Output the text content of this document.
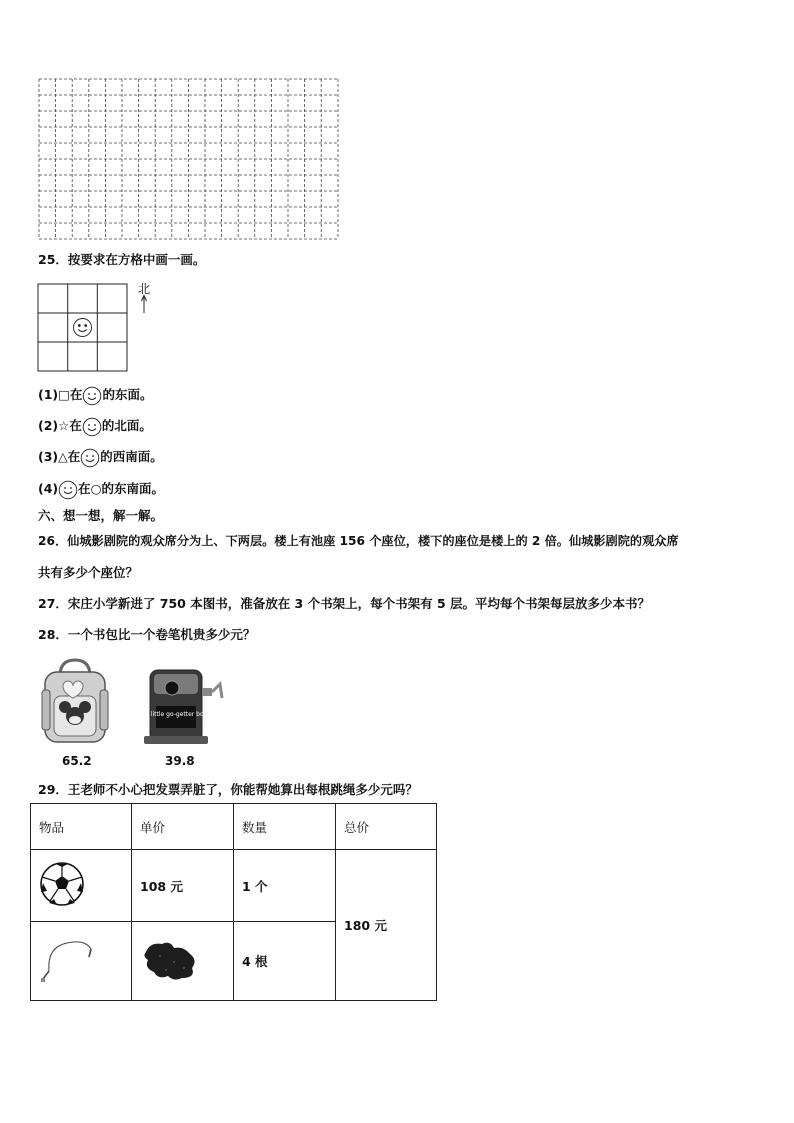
25．按要求在方格中画一画。
北
(1)□在 的东面。
(2)☆在 的北面。
(3)△在 的西南面。
(4) 在○的东南面。
六、想一想，解一解。
26．仙城影剧院的观众席分为上、下两层。楼上有池座 156 个座位，楼下的座位是楼上的 2 倍。仙城影剧院的观众席
共有多少个座位？
27．宋庄小学新进了 750 本图书，准备放在 3 个书架上，每个书架有 5 层。平均每个书架每层放多少本书？
28．一个书包比一个卷笔机贵多少元？
65.2
A little go-getter boy
39.8
29．王老师不小心把发票弄脏了，你能帮她算出每根跳绳多少元吗？
物品	单价	数量	总价
	108 元	1 个	180 元
		4 根	
